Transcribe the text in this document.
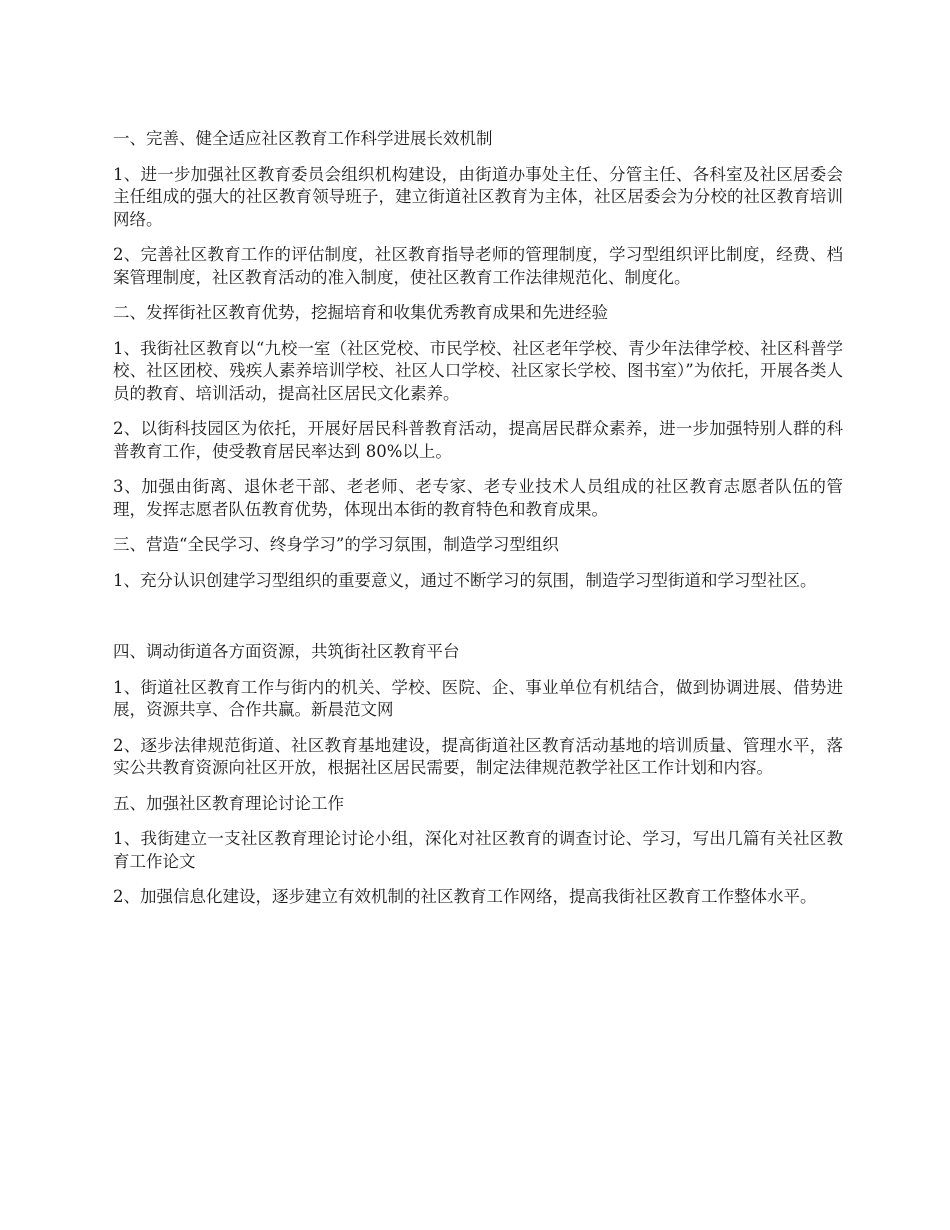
一、完善、健全适应社区教育工作科学进展长效机制

1、进一步加强社区教育委员会组织机构建设，由街道办事处主任、分管主任、各科室及社区居委会主任组成的强大的社区教育领导班子，建立街道社区教育为主体，社区居委会为分校的社区教育培训网络。

2、完善社区教育工作的评估制度，社区教育指导老师的管理制度，学习型组织评比制度，经费、档案管理制度，社区教育活动的准入制度，使社区教育工作法律规范化、制度化。

二、发挥街社区教育优势，挖掘培育和收集优秀教育成果和先进经验

1、我街社区教育以“九校一室（社区党校、市民学校、社区老年学校、青少年法律学校、社区科普学校、社区团校、残疾人素养培训学校、社区人口学校、社区家长学校、图书室）”为依托，开展各类人员的教育、培训活动，提高社区居民文化素养。

2、以街科技园区为依托，开展好居民科普教育活动，提高居民群众素养，进一步加强特别人群的科普教育工作，使受教育居民率达到 80%以上。

3、加强由街离、退休老干部、老老师、老专家、老专业技术人员组成的社区教育志愿者队伍的管理，发挥志愿者队伍教育优势，体现出本街的教育特色和教育成果。

三、营造“全民学习、终身学习”的学习氛围，制造学习型组织

1、充分认识创建学习型组织的重要意义，通过不断学习的氛围，制造学习型街道和学习型社区。

四、调动街道各方面资源，共筑街社区教育平台

1、街道社区教育工作与街内的机关、学校、医院、企、事业单位有机结合，做到协调进展、借势进展，资源共享、合作共赢。新晨范文网

2、逐步法律规范街道、社区教育基地建设，提高街道社区教育活动基地的培训质量、管理水平，落实公共教育资源向社区开放，根据社区居民需要，制定法律规范教学社区工作计划和内容。

五、加强社区教育理论讨论工作

1、我街建立一支社区教育理论讨论小组，深化对社区教育的调查讨论、学习，写出几篇有关社区教育工作论文

2、加强信息化建设，逐步建立有效机制的社区教育工作网络，提高我街社区教育工作整体水平。
